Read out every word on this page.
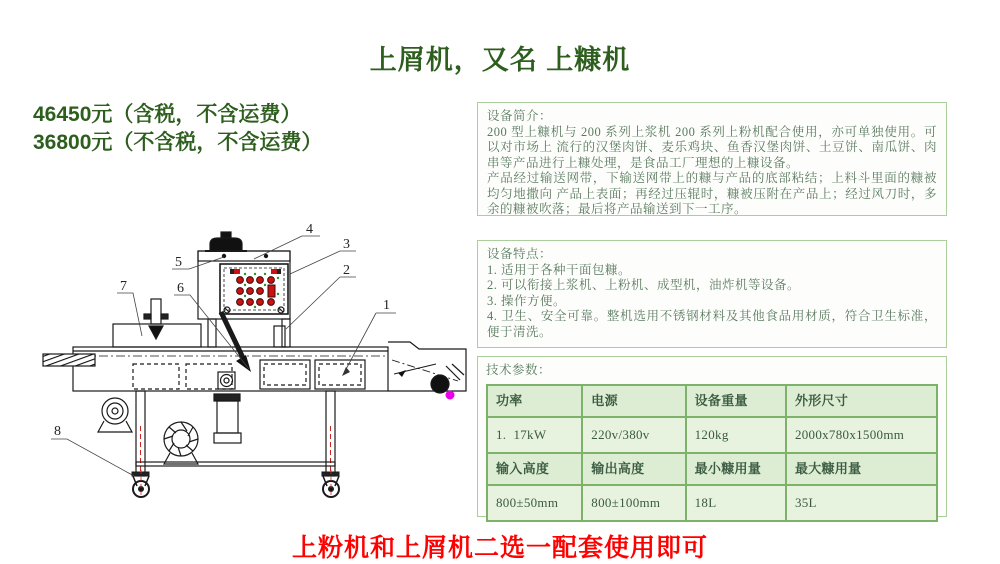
上屑机，又名 上糠机
46450元（含税，不含运费）
36800元（不含税，不含运费）
1
2
3
4
5
6
7
8
设备简介：

200 型上糠机与 200 系列上浆机 200 系列上粉机配合使用，亦可单独使用。可以对市场上 流行的汉堡肉饼、麦乐鸡块、鱼香汉堡肉饼、土豆饼、南瓜饼、肉串等产品进行上糠处理，是食品工厂理想的上糠设备。

产品经过输送网带，下输送网带上的糠与产品的底部粘结；上料斗里面的糠被均匀地撒向 产品上表面；再经过压辊时，糠被压附在产品上；经过风刀时，多余的糠被吹落；最后将产品输送到下一工序。

设备特点：
1. 适用于各种干面包糠。
2. 可以衔接上浆机、上粉机、成型机，油炸机等设备。
3. 操作方便。
4. 卫生、安全可靠。整机选用不锈钢材料及其他食品用材质，符合卫生标准，便于清洗。
技术参数：
功率	电源	设备重量	外形尺寸
1.  17kW	220v/380v	120kg	2000x780x1500mm
输入高度	输出高度	最小糠用量	最大糠用量
800±50mm	800±100mm	18L	35L
上粉机和上屑机二选一配套使用即可
